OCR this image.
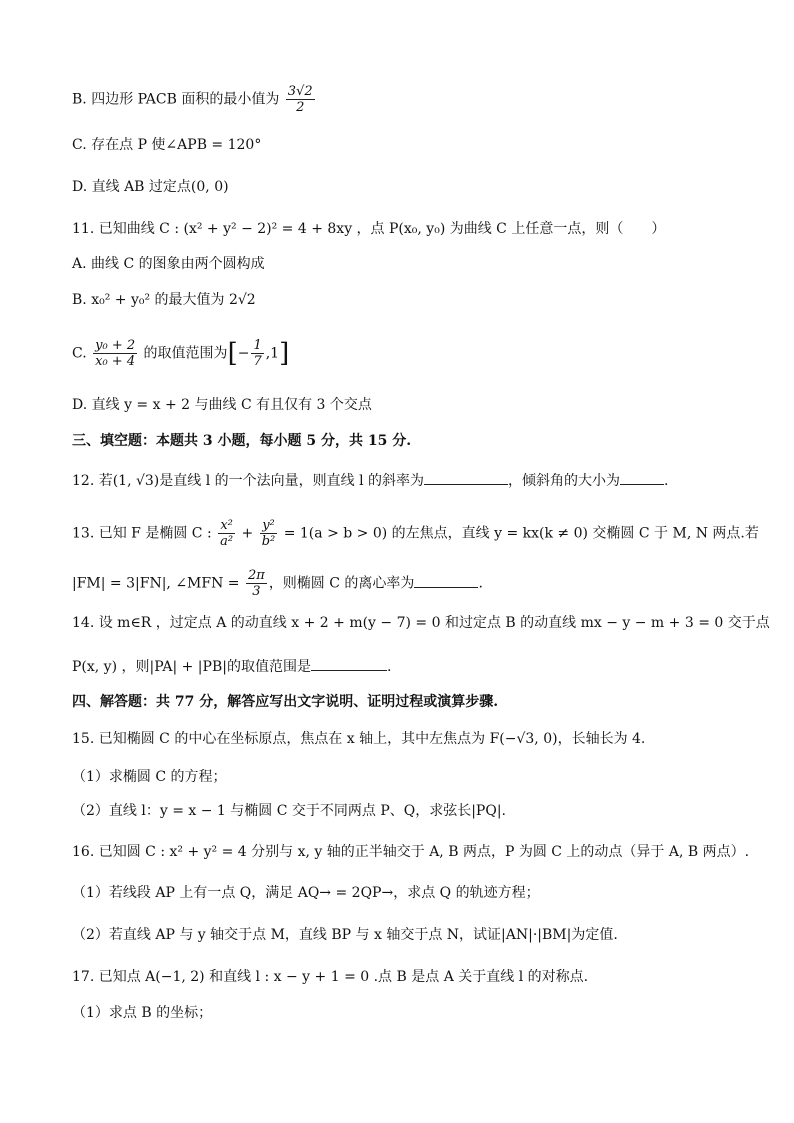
B. 四边形 PACB 面积的最小值为 $\frac{3√2}{2}$
C. 存在点 P 使∠APB = 120°
D. 直线 AB 过定点(0, 0)
11. 已知曲线 C : (x² + y² − 2)² = 4 + 8xy ，点 P(x₀, y₀) 为曲线 C 上任意一点，则（　　）
A. 曲线 C 的图象由两个圆构成
B. x₀² + y₀² 的最大值为 2√2
C. $\frac{\text{y₀ + 2}}{\text{x₀ + 4}}$ 的取值范围为[− $\frac{1}{7} ,1$]
D. 直线 y = x + 2 与曲线 C 有且仅有 3 个交点
三、填空题：本题共 3 小题，每小题 5 分，共 15 分.
12. 若(1, √3)是直线 l 的一个法向量，则直线 l 的斜率为	，倾斜角的大小为	.
13. 已知 F 是椭圆 C : $\frac{\text{x²}}{\text{a²}} + \frac{\text{y²}}{\text{b²}} = 1(a > b > 0)$ 的左焦点，直线 y = kx(k ≠ 0) 交椭圆 C 于 M, N 两点.若
|FM| = 3|FN|, ∠MFN = $\frac{2\pi}{3}$ ，则椭圆 C 的离心率为	.
14. 设 m∈R ，过定点 A 的动直线 x + 2 + m(y − 7) = 0 和过定点 B 的动直线 mx − y − m + 3 = 0 交于点
P(x, y) ，则|PA| + |PB|的取值范围是	.
四、解答题：共 77 分，解答应写出文字说明、证明过程或演算步骤.
15. 已知椭圆 C 的中心在坐标原点，焦点在 x 轴上，其中左焦点为 F(−√3, 0)，长轴长为 4.
（1）求椭圆 C 的方程；
（2）直线 l：y = x − 1 与椭圆 C 交于不同两点 P、Q，求弦长|PQ|.
16. 已知圆 C : x² + y² = 4 分别与 x, y 轴的正半轴交于 A, B 两点，P 为圆 C 上的动点（异于 A, B 两点）.
（1）若线段 AP 上有一点 Q，满足 AQ→ = 2QP→，求点 Q 的轨迹方程；
（2）若直线 AP 与 y 轴交于点 M，直线 BP 与 x 轴交于点 N，试证|AN|·|BM|为定值.
17. 已知点 A(−1, 2) 和直线 l : x − y + 1 = 0 .点 B 是点 A 关于直线 l 的对称点.
（1）求点 B 的坐标；
